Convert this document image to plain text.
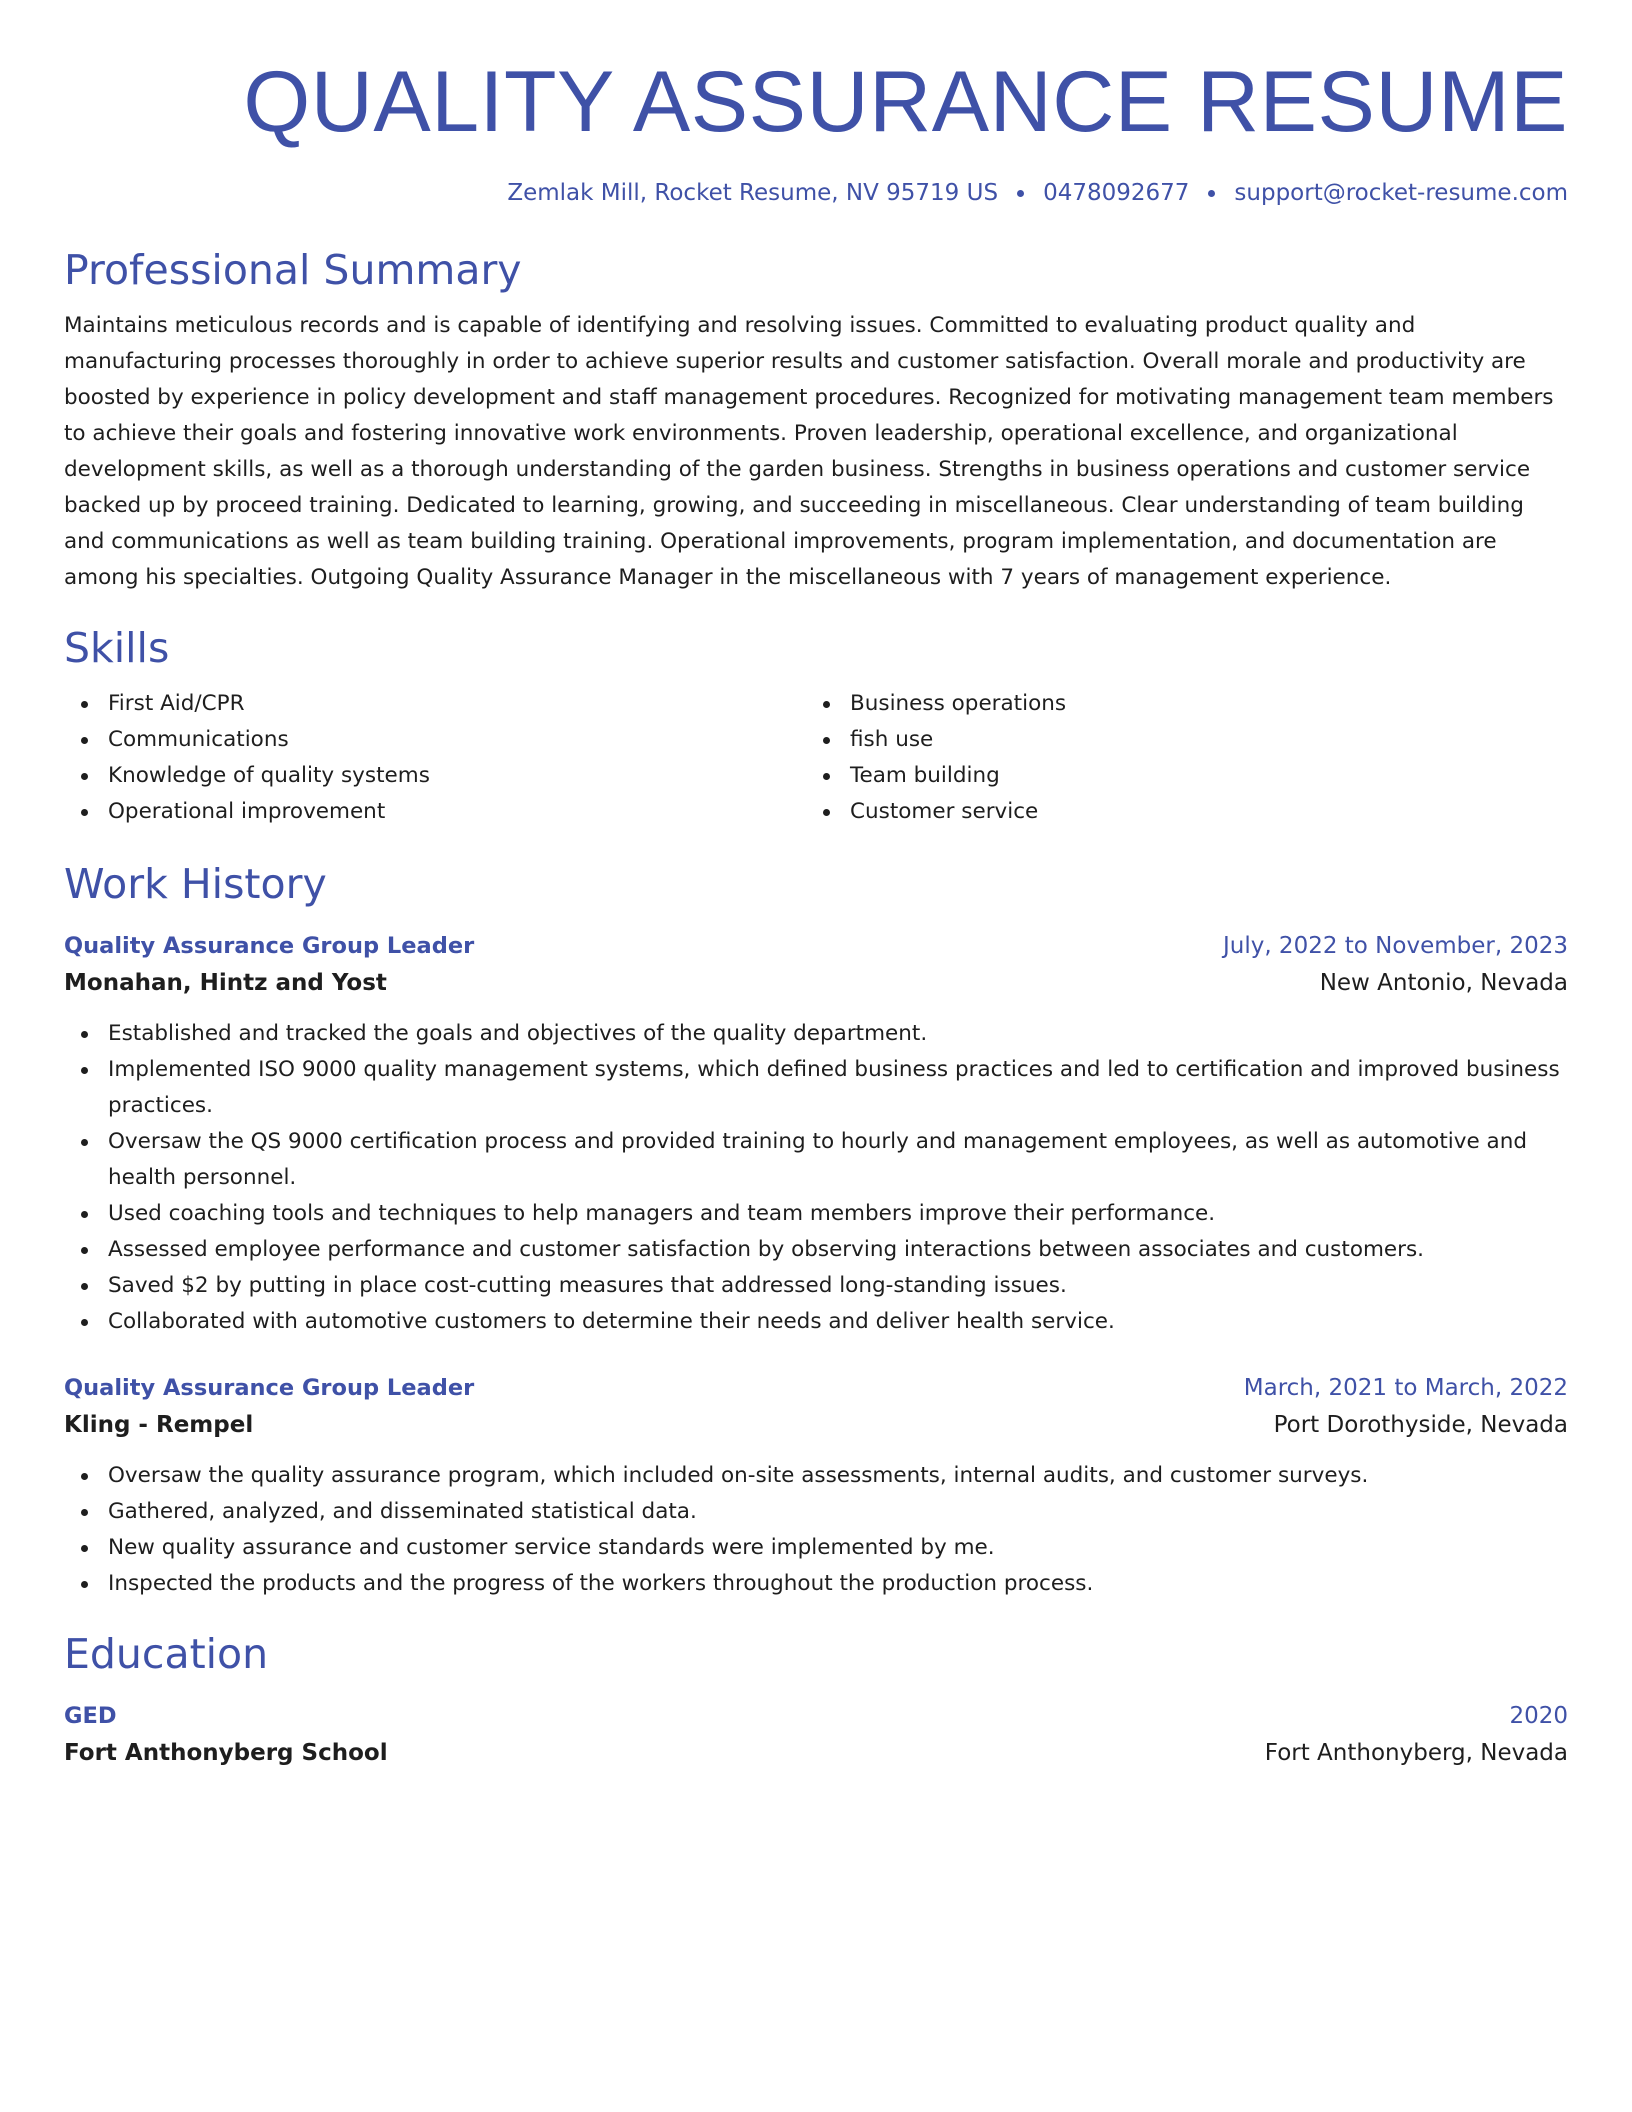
QUALITY ASSURANCE RESUME
Zemlak Mill, Rocket Resume, NV 95719 US 0478092677 support@rocket-resume.com
Professional Summary
Maintains meticulous records and is capable of identifying and resolving issues. Committed to evaluating product quality and manufacturing processes thoroughly in order to achieve superior results and customer satisfaction. Overall morale and productivity are boosted by experience in policy development and staff management procedures. Recognized for motivating management team members to achieve their goals and fostering innovative work environments. Proven leadership, operational excellence, and organizational development skills, as well as a thorough understanding of the garden business. Strengths in business operations and customer service backed up by proceed training. Dedicated to learning, growing, and succeeding in miscellaneous. Clear understanding of team building and communications as well as team building training. Operational improvements, program implementation, and documentation are among his specialties. Outgoing Quality Assurance Manager in the miscellaneous with 7 years of management experience.
Skills
First Aid/CPR
Communications
Knowledge of quality systems
Operational improvement
Business operations
fish use
Team building
Customer service
Work History
Quality Assurance Group Leader	July, 2022 to November, 2023
Monahan, Hintz and Yost	New Antonio, Nevada
Established and tracked the goals and objectives of the quality department.
Implemented ISO 9000 quality management systems, which defined business practices and led to certification and improved business practices.
Oversaw the QS 9000 certification process and provided training to hourly and management employees, as well as automotive and health personnel.
Used coaching tools and techniques to help managers and team members improve their performance.
Assessed employee performance and customer satisfaction by observing interactions between associates and customers.
Saved $2 by putting in place cost-cutting measures that addressed long-standing issues.
Collaborated with automotive customers to determine their needs and deliver health service.
Quality Assurance Group Leader	March, 2021 to March, 2022
Kling - Rempel	Port Dorothyside, Nevada
Oversaw the quality assurance program, which included on-site assessments, internal audits, and customer surveys.
Gathered, analyzed, and disseminated statistical data.
New quality assurance and customer service standards were implemented by me.
Inspected the products and the progress of the workers throughout the production process.
Education
GED	2020
Fort Anthonyberg School	Fort Anthonyberg, Nevada
